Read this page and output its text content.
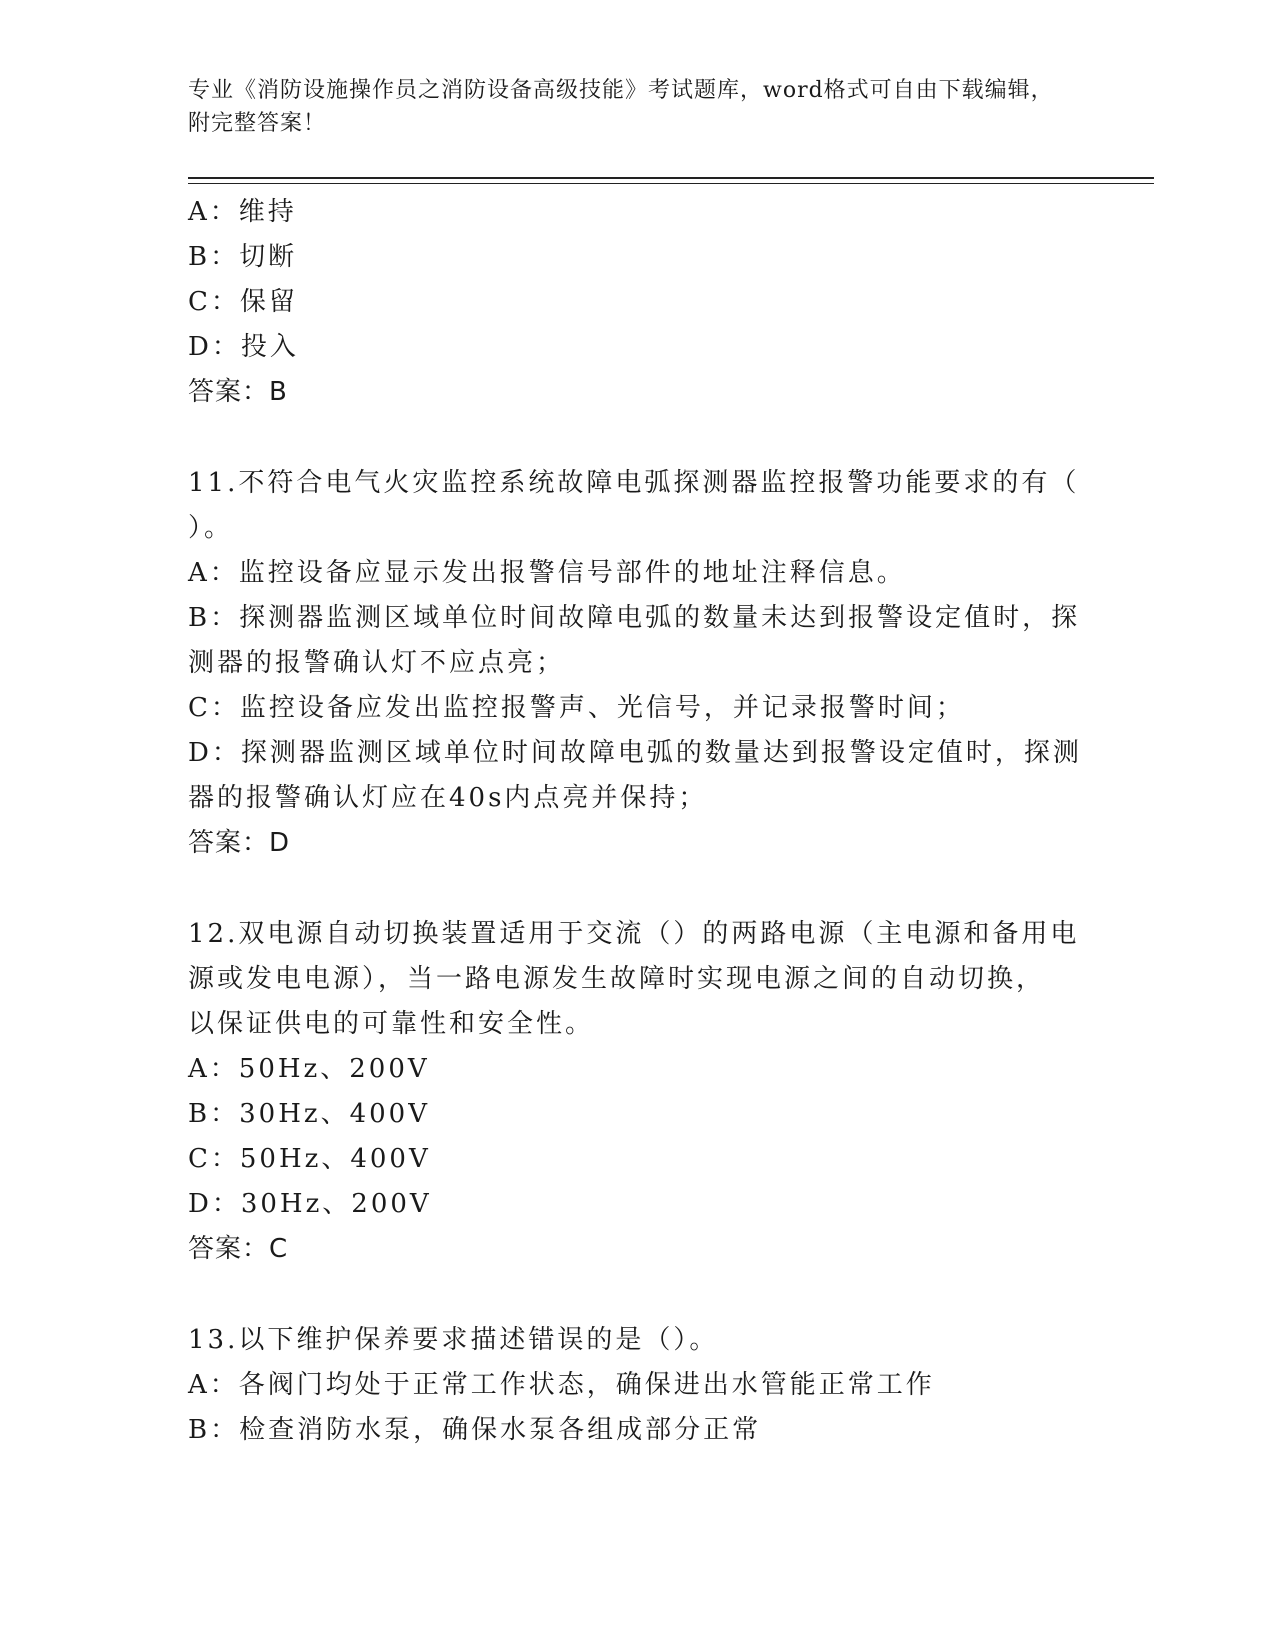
专业《消防设施操作员之消防设备高级技能》考试题库，word格式可自由下载编辑，附完整答案！
A：维持
B：切断
C：保留
D：投入
答案：B
11.不符合电气火灾监控系统故障电弧探测器监控报警功能要求的有（
）。
A：监控设备应显示发出报警信号部件的地址注释信息。
B：探测器监测区域单位时间故障电弧的数量未达到报警设定值时，探
测器的报警确认灯不应点亮；
C：监控设备应发出监控报警声、光信号，并记录报警时间；
D：探测器监测区域单位时间故障电弧的数量达到报警设定值时，探测
器的报警确认灯应在40s内点亮并保持；
答案：D
12.双电源自动切换装置适用于交流（）的两路电源（主电源和备用电
源或发电电源），当一路电源发生故障时实现电源之间的自动切换，
以保证供电的可靠性和安全性。
A：50Hz、200V
B：30Hz、400V
C：50Hz、400V
D：30Hz、200V
答案：C
13.以下维护保养要求描述错误的是（）。
A：各阀门均处于正常工作状态，确保进出水管能正常工作
B：检查消防水泵，确保水泵各组成部分正常
